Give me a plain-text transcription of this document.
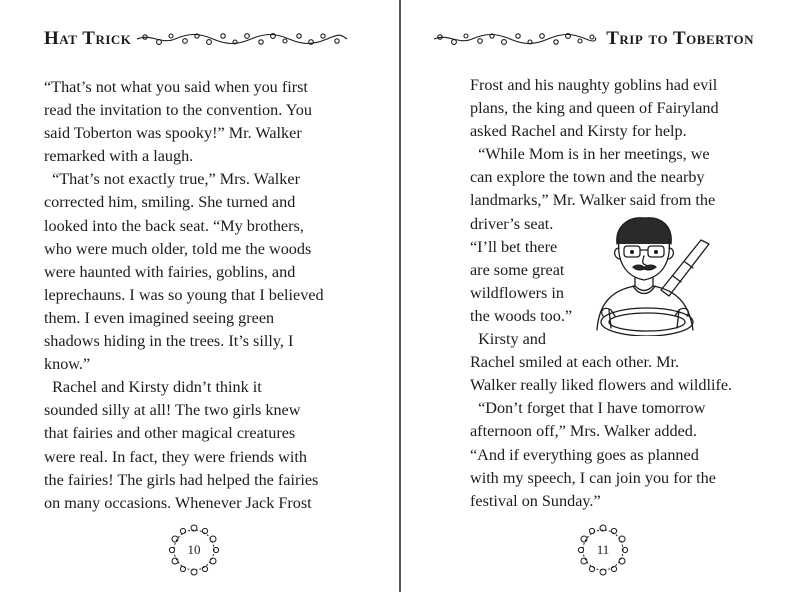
Hat Trick
“That’s not what you said when you first
read the invitation to the convention. You
said Toberton was spooky!” Mr. Walker
remarked with a laugh.
“That’s not exactly true,” Mrs. Walker
corrected him, smiling. She turned and
looked into the back seat. “My brothers,
who were much older, told me the woods
were haunted with fairies, goblins, and
leprechauns. I was so young that I believed
them. I even imagined seeing green
shadows hiding in the trees. It’s silly, I
know.”
Rachel and Kirsty didn’t think it
sounded silly at all! The two girls knew
that fairies and other magical creatures
were real. In fact, they were friends with
the fairies! The girls had helped the fairies
on many occasions. Whenever Jack Frost
10
Trip to Toberton
Frost and his naughty goblins had evil
plans, the king and queen of Fairyland
asked Rachel and Kirsty for help.
“While Mom is in her meetings, we
can explore the town and the nearby
landmarks,” Mr. Walker said from the
driver’s seat.
“I’ll bet there
are some great
wildflowers in
the woods too.”
Kirsty and
Rachel smiled at each other. Mr.
Walker really liked flowers and wildlife.
“Don’t forget that I have tomorrow
afternoon off,” Mrs. Walker added.
“And if everything goes as planned
with my speech, I can join you for the
festival on Sunday.”
11
